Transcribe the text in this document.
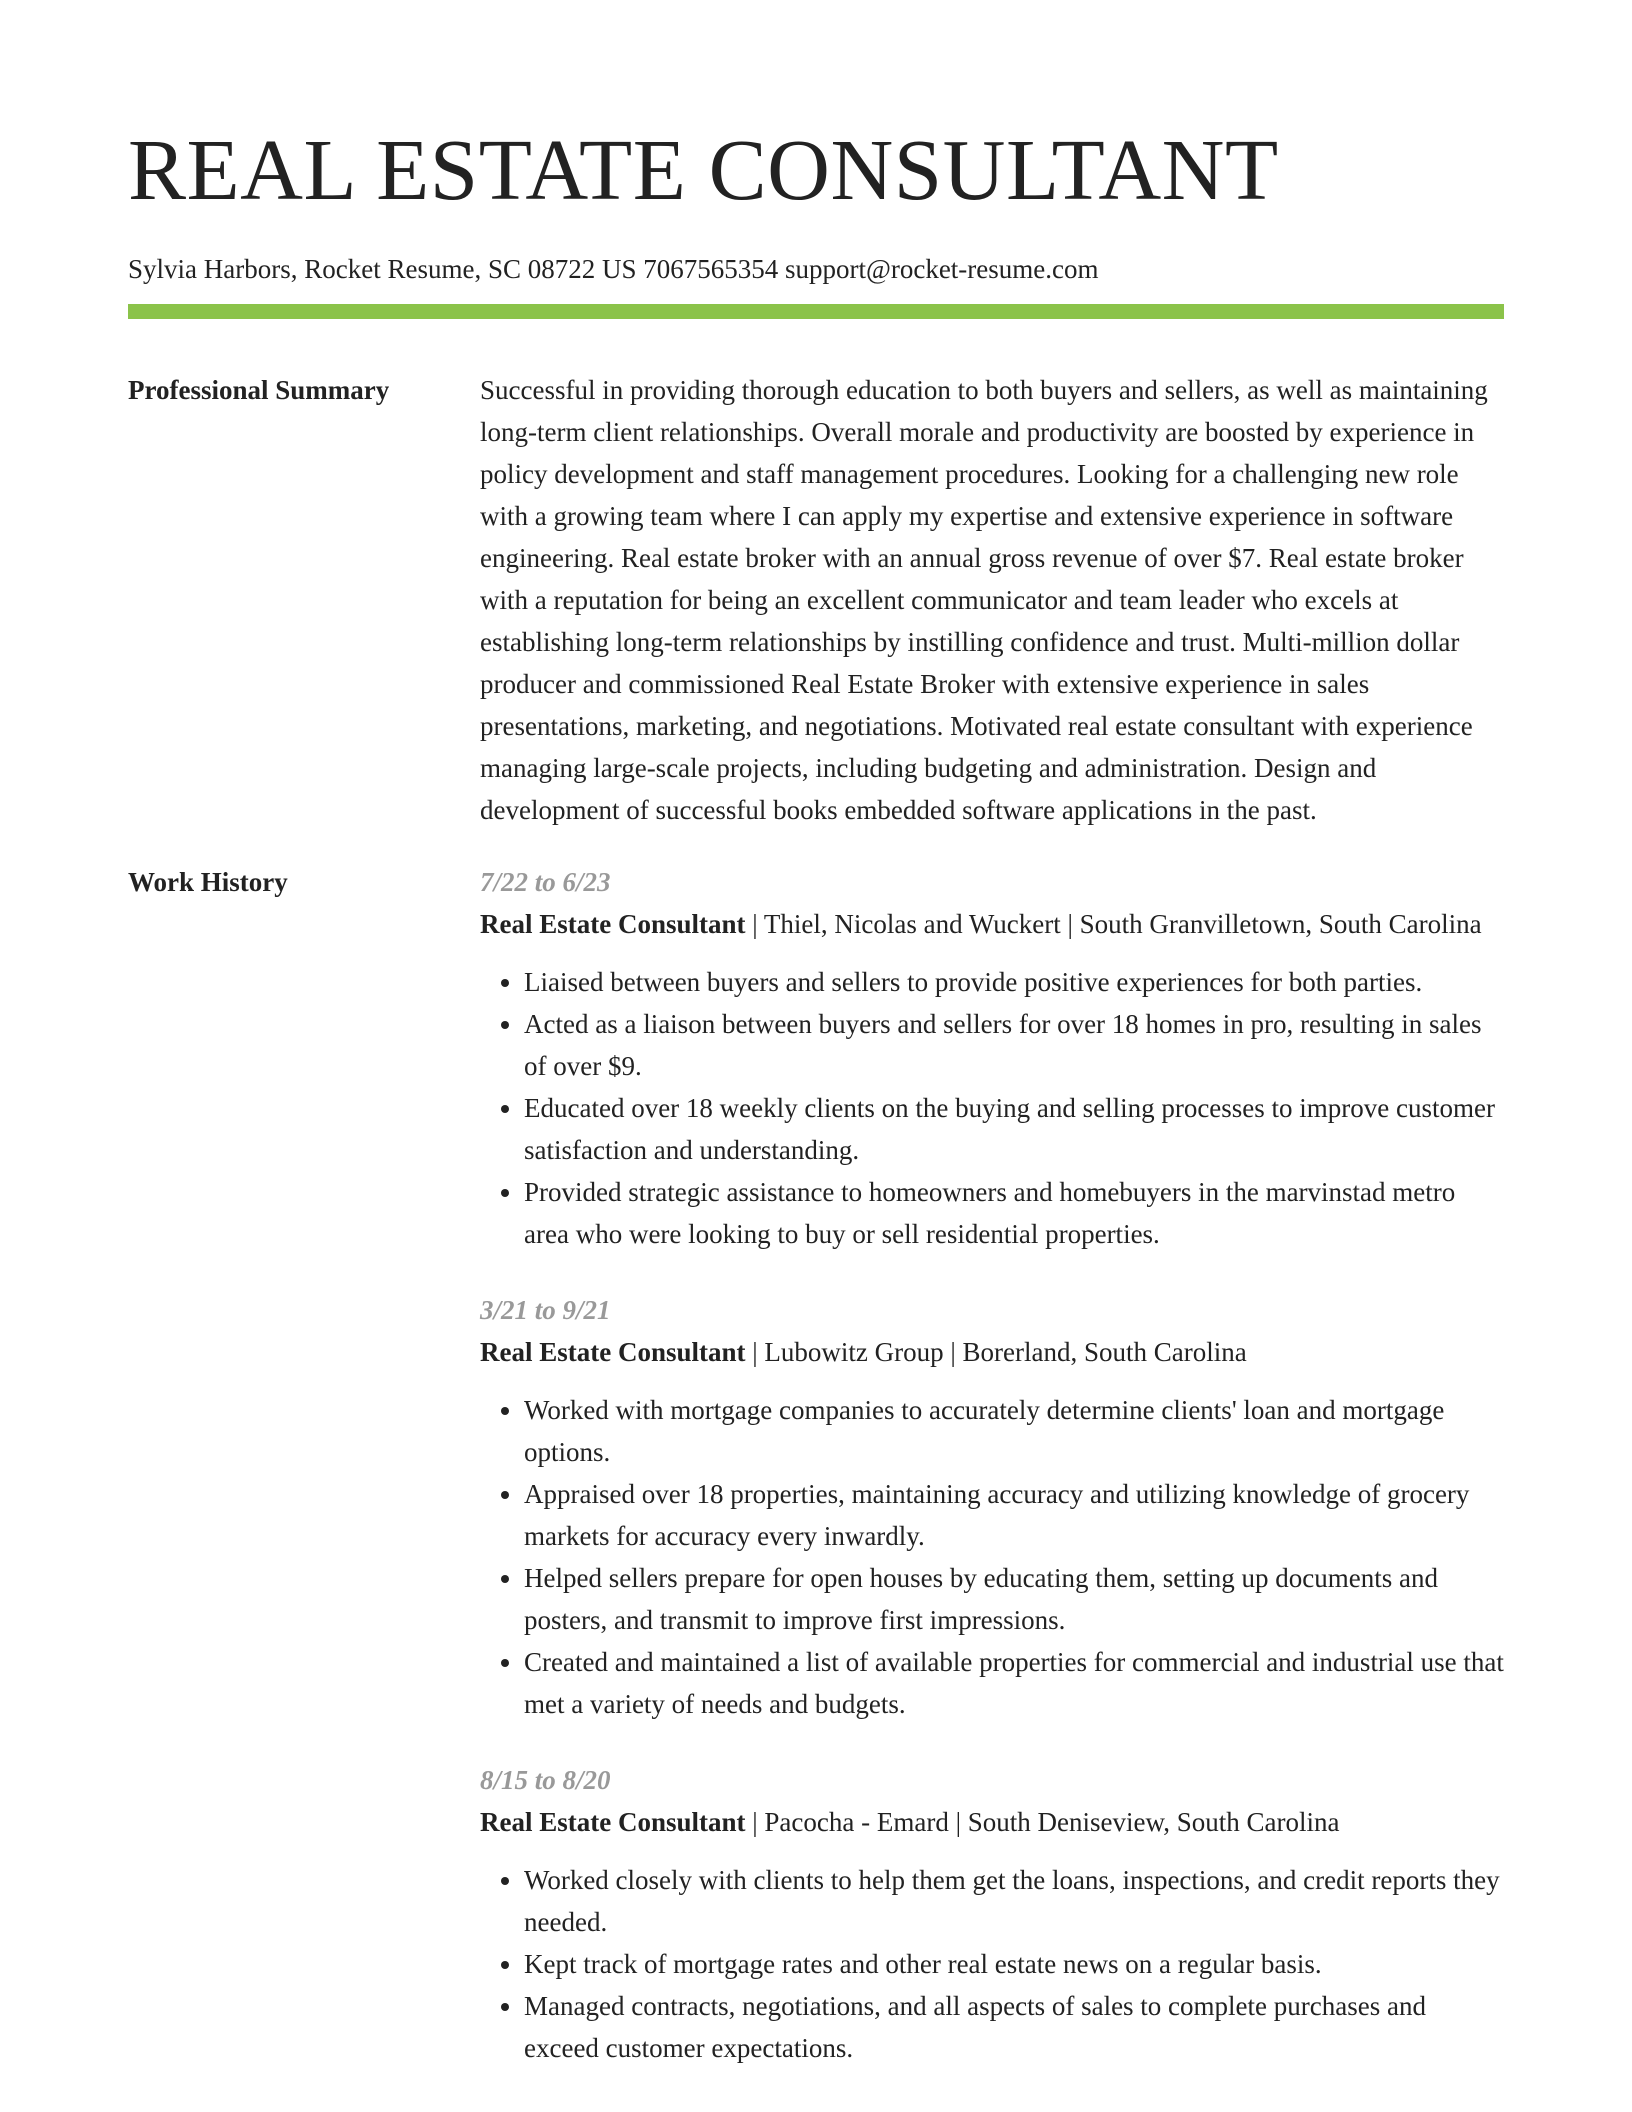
REAL ESTATE CONSULTANT
Sylvia Harbors, Rocket Resume, SC 08722 US 7067565354 support@rocket-resume.com
Professional Summary	Successful in providing thorough education to both buyers and sellers, as well as maintaining long-term client relationships. Overall morale and productivity are boosted by experience in policy development and staff management procedures. Looking for a challenging new role with a growing team where I can apply my expertise and extensive experience in software engineering. Real estate broker with an annual gross revenue of over $7. Real estate broker with a reputation for being an excellent communicator and team leader who excels at establishing long-term relationships by instilling confidence and trust. Multi-million dollar producer and commissioned Real Estate Broker with extensive experience in sales presentations, marketing, and negotiations. Motivated real estate consultant with experience managing large-scale projects, including budgeting and administration. Design and development of successful books embedded software applications in the past.

Work History	7/22 to 6/23
Real Estate Consultant | Thiel, Nicolas and Wuckert | South Granvilletown, South Carolina
• Liaised between buyers and sellers to provide positive experiences for both parties.
• Acted as a liaison between buyers and sellers for over 18 homes in pro, resulting in sales of over $9.
• Educated over 18 weekly clients on the buying and selling processes to improve customer satisfaction and understanding.
• Provided strategic assistance to homeowners and homebuyers in the marvinstad metro area who were looking to buy or sell residential properties.
3/21 to 9/21
Real Estate Consultant | Lubowitz Group | Borerland, South Carolina
• Worked with mortgage companies to accurately determine clients' loan and mortgage options.
• Appraised over 18 properties, maintaining accuracy and utilizing knowledge of grocery markets for accuracy every inwardly.
• Helped sellers prepare for open houses by educating them, setting up documents and posters, and transmit to improve first impressions.
• Created and maintained a list of available properties for commercial and industrial use that met a variety of needs and budgets.
8/15 to 8/20
Real Estate Consultant | Pacocha - Emard | South Deniseview, South Carolina
• Worked closely with clients to help them get the loans, inspections, and credit reports they needed.
• Kept track of mortgage rates and other real estate news on a regular basis.
• Managed contracts, negotiations, and all aspects of sales to complete purchases and exceed customer expectations.
